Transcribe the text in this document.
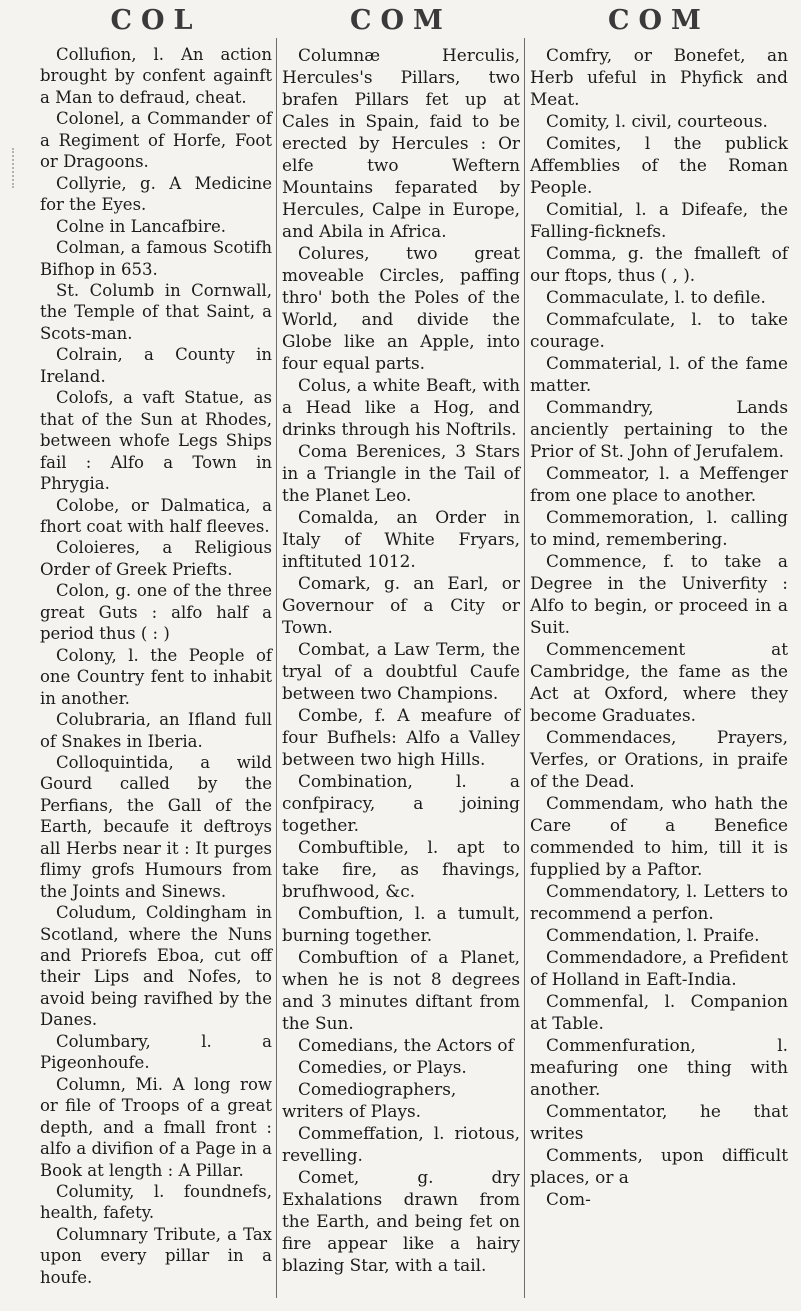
COL

Collufion, l. An action brought by confent againft a Man to defraud, cheat.

Colonel, a Commander of a Regiment of Horfe, Foot or Dragoons.

Collyrie, g. A Medicine for the Eyes.

Colne in Lancafbire.

Colman, a famous Scotifh Bifhop in 653.

St. Columb in Cornwall, the Temple of that Saint, a Scots-man.

Colrain, a County in Ireland.

Colofs, a vaft Statue, as that of the Sun at Rhodes, between whofe Legs Ships fail : Alfo a Town in Phrygia.

Colobe, or Dalmatica, a fhort coat with half fleeves.

Coloieres, a Religious Order of Greek Priefts.

Colon, g. one of the three great Guts : alfo half a period thus ( : )

Colony, l. the People of one Country fent to inhabit in another.

Colubraria, an Ifland full of Snakes in Iberia.

Colloquintida, a wild Gourd called by the Perfians, the Gall of the Earth, becaufe it deftroys all Herbs near it : It purges flimy grofs Humours from the Joints and Sinews.

Coludum, Coldingham in Scotland, where the Nuns and Priorefs Eboa, cut off their Lips and Nofes, to avoid being ravifhed by the Danes.

Columbary, l. a Pigeonhoufe.

Column, Mi. A long row or file of Troops of a great depth, and a fmall front : alfo a divifion of a Page in a Book at length : A Pillar.

Columity, l. foundnefs, health, fafety.

Columnary Tribute, a Tax upon every pillar in a houfe.

COM

Columnæ Herculis, Hercules's Pillars, two brafen Pillars fet up at Cales in Spain, faid to be erected by Hercules : Or elfe two Weftern Mountains feparated by Hercules, Calpe in Europe, and Abila in Africa.

Colures, two great moveable Circles, paffing thro' both the Poles of the World, and divide the Globe like an Apple, into four equal parts.

Colus, a white Beaft, with a Head like a Hog, and drinks through his Noftrils.

Coma Berenices, 3 Stars in a Triangle in the Tail of the Planet Leo.

Comalda, an Order in Italy of White Fryars, inftituted 1012.

Comark, g. an Earl, or Governour of a City or Town.

Combat, a Law Term, the tryal of a doubtful Caufe between two Champions.

Combe, f. A meafure of four Bufhels: Alfo a Valley between two high Hills.

Combination, l. a confpiracy, a joining together.

Combuftible, l. apt to take fire, as fhavings, brufhwood, &c.

Combuftion, l. a tumult, burning together.

Combuftion of a Planet, when he is not 8 degrees and 3 minutes diftant from the Sun.

Comedians, the Actors of

Comedies, or Plays.

Comediographers, writers of Plays.

Commeffation, l. riotous, revelling.

Comet, g. dry Exhalations drawn from the Earth, and being fet on fire appear like a hairy blazing Star, with a tail.

COM

Comfry, or Bonefet, an Herb ufeful in Phyfick and Meat.

Comity, l. civil, courteous.

Comites, l the publick Affemblies of the Roman People.

Comitial, l. a Difeafe, the Falling-ficknefs.

Comma, g. the fmalleft of our ftops, thus ( , ).

Commaculate, l. to defile.

Commafculate, l. to take courage.

Commaterial, l. of the fame matter.

Commandry, Lands anciently pertaining to the Prior of St. John of Jerufalem.

Commeator, l. a Meffenger from one place to another.

Commemoration, l. calling to mind, remembering.

Commence, f. to take a Degree in the Univerfity : Alfo to begin, or proceed in a Suit.

Commencement at Cambridge, the fame as the Act at Oxford, where they become Graduates.

Commendaces, Prayers, Verfes, or Orations, in praife of the Dead.

Commendam, who hath the Care of a Benefice commended to him, till it is fupplied by a Paftor.

Commendatory, l. Letters to recommend a perfon.

Commendation, l. Praife.

Commendadore, a Prefident of Holland in Eaft-India.

Commenfal, l. Companion at Table.

Commenfuration, l. meafuring one thing with another.

Commentator, he that writes

Comments, upon difficult places, or a

Com-
